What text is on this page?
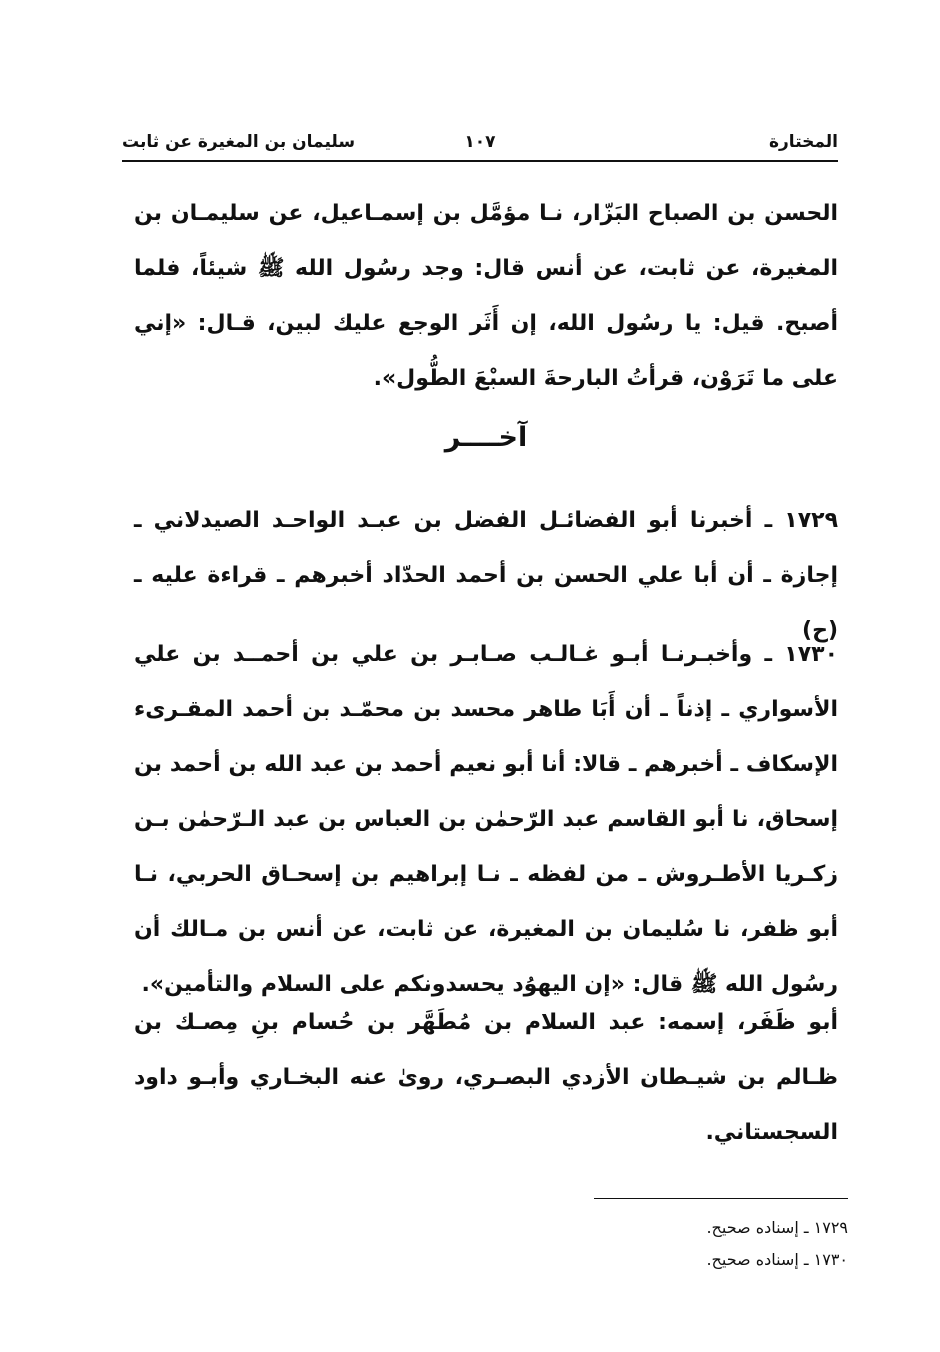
المختارة
١٠٧
سليمان بن المغيرة عن ثابت

الحسن بن الصباح البَزّار، نـا مؤمَّل بن إسمـاعيل، عن سليمـان بن المغيرة، عن ثابت، عن أنس قال: وجد رسُول الله ﷺ شيئاً، فلما أصبح. قيل: يا رسُول الله، إن أَثَر الوجع عليك لبين، قـال: «إني على ما تَرَوْن، قرأتُ البارحةَ السبْعَ الطُّول».

آخــــر

١٧٢٩ ـ أخبرنا أبو الفضائـل الفضل بن عبـد الواحـد الصيدلاني ـ إجازة ـ أن أبا علي الحسن بن أحمد الحدّاد أخبرهم ـ قراءة عليه ـ (ح)

١٧٣٠ ـ وأخبـرنـا أبـو غـالـب صـابـر بن علي بن أحمــد بن علي الأسواري ـ إذناً ـ أن أَبَا طاهر محسد بن محمّـد بن أحمد المقـرىء الإسكاف ـ أخبرهم ـ قالا: أنا أبو نعيم أحمد بن عبد الله بن أحمد بن إسحاق، نا أبو القاسم عبد الرّحمٰن بن العباس بن عبد الـرّحمٰن بـن زكـريا الأطـروش ـ من لفظه ـ نـا إبراهيم بن إسحـاق الحربي، نـا أبو ظفر، نا سُليمان بن المغيرة، عن ثابت، عن أنس بن مـالك أن رسُول الله ﷺ قال: «إن اليهوُد يحسدونكم على السلام والتأمين».

أبو ظَفَر، إسمه: عبد السلام بن مُطَهَّر بن حُسام بنِ مِصـك بن ظـالم بن شيـطان الأزدي البصـري، روىٰ عنه البخـاري وأبـو داود السجستاني.

١٧٢٩ ـ إسناده صحيح.
١٧٣٠ ـ إسناده صحيح.
